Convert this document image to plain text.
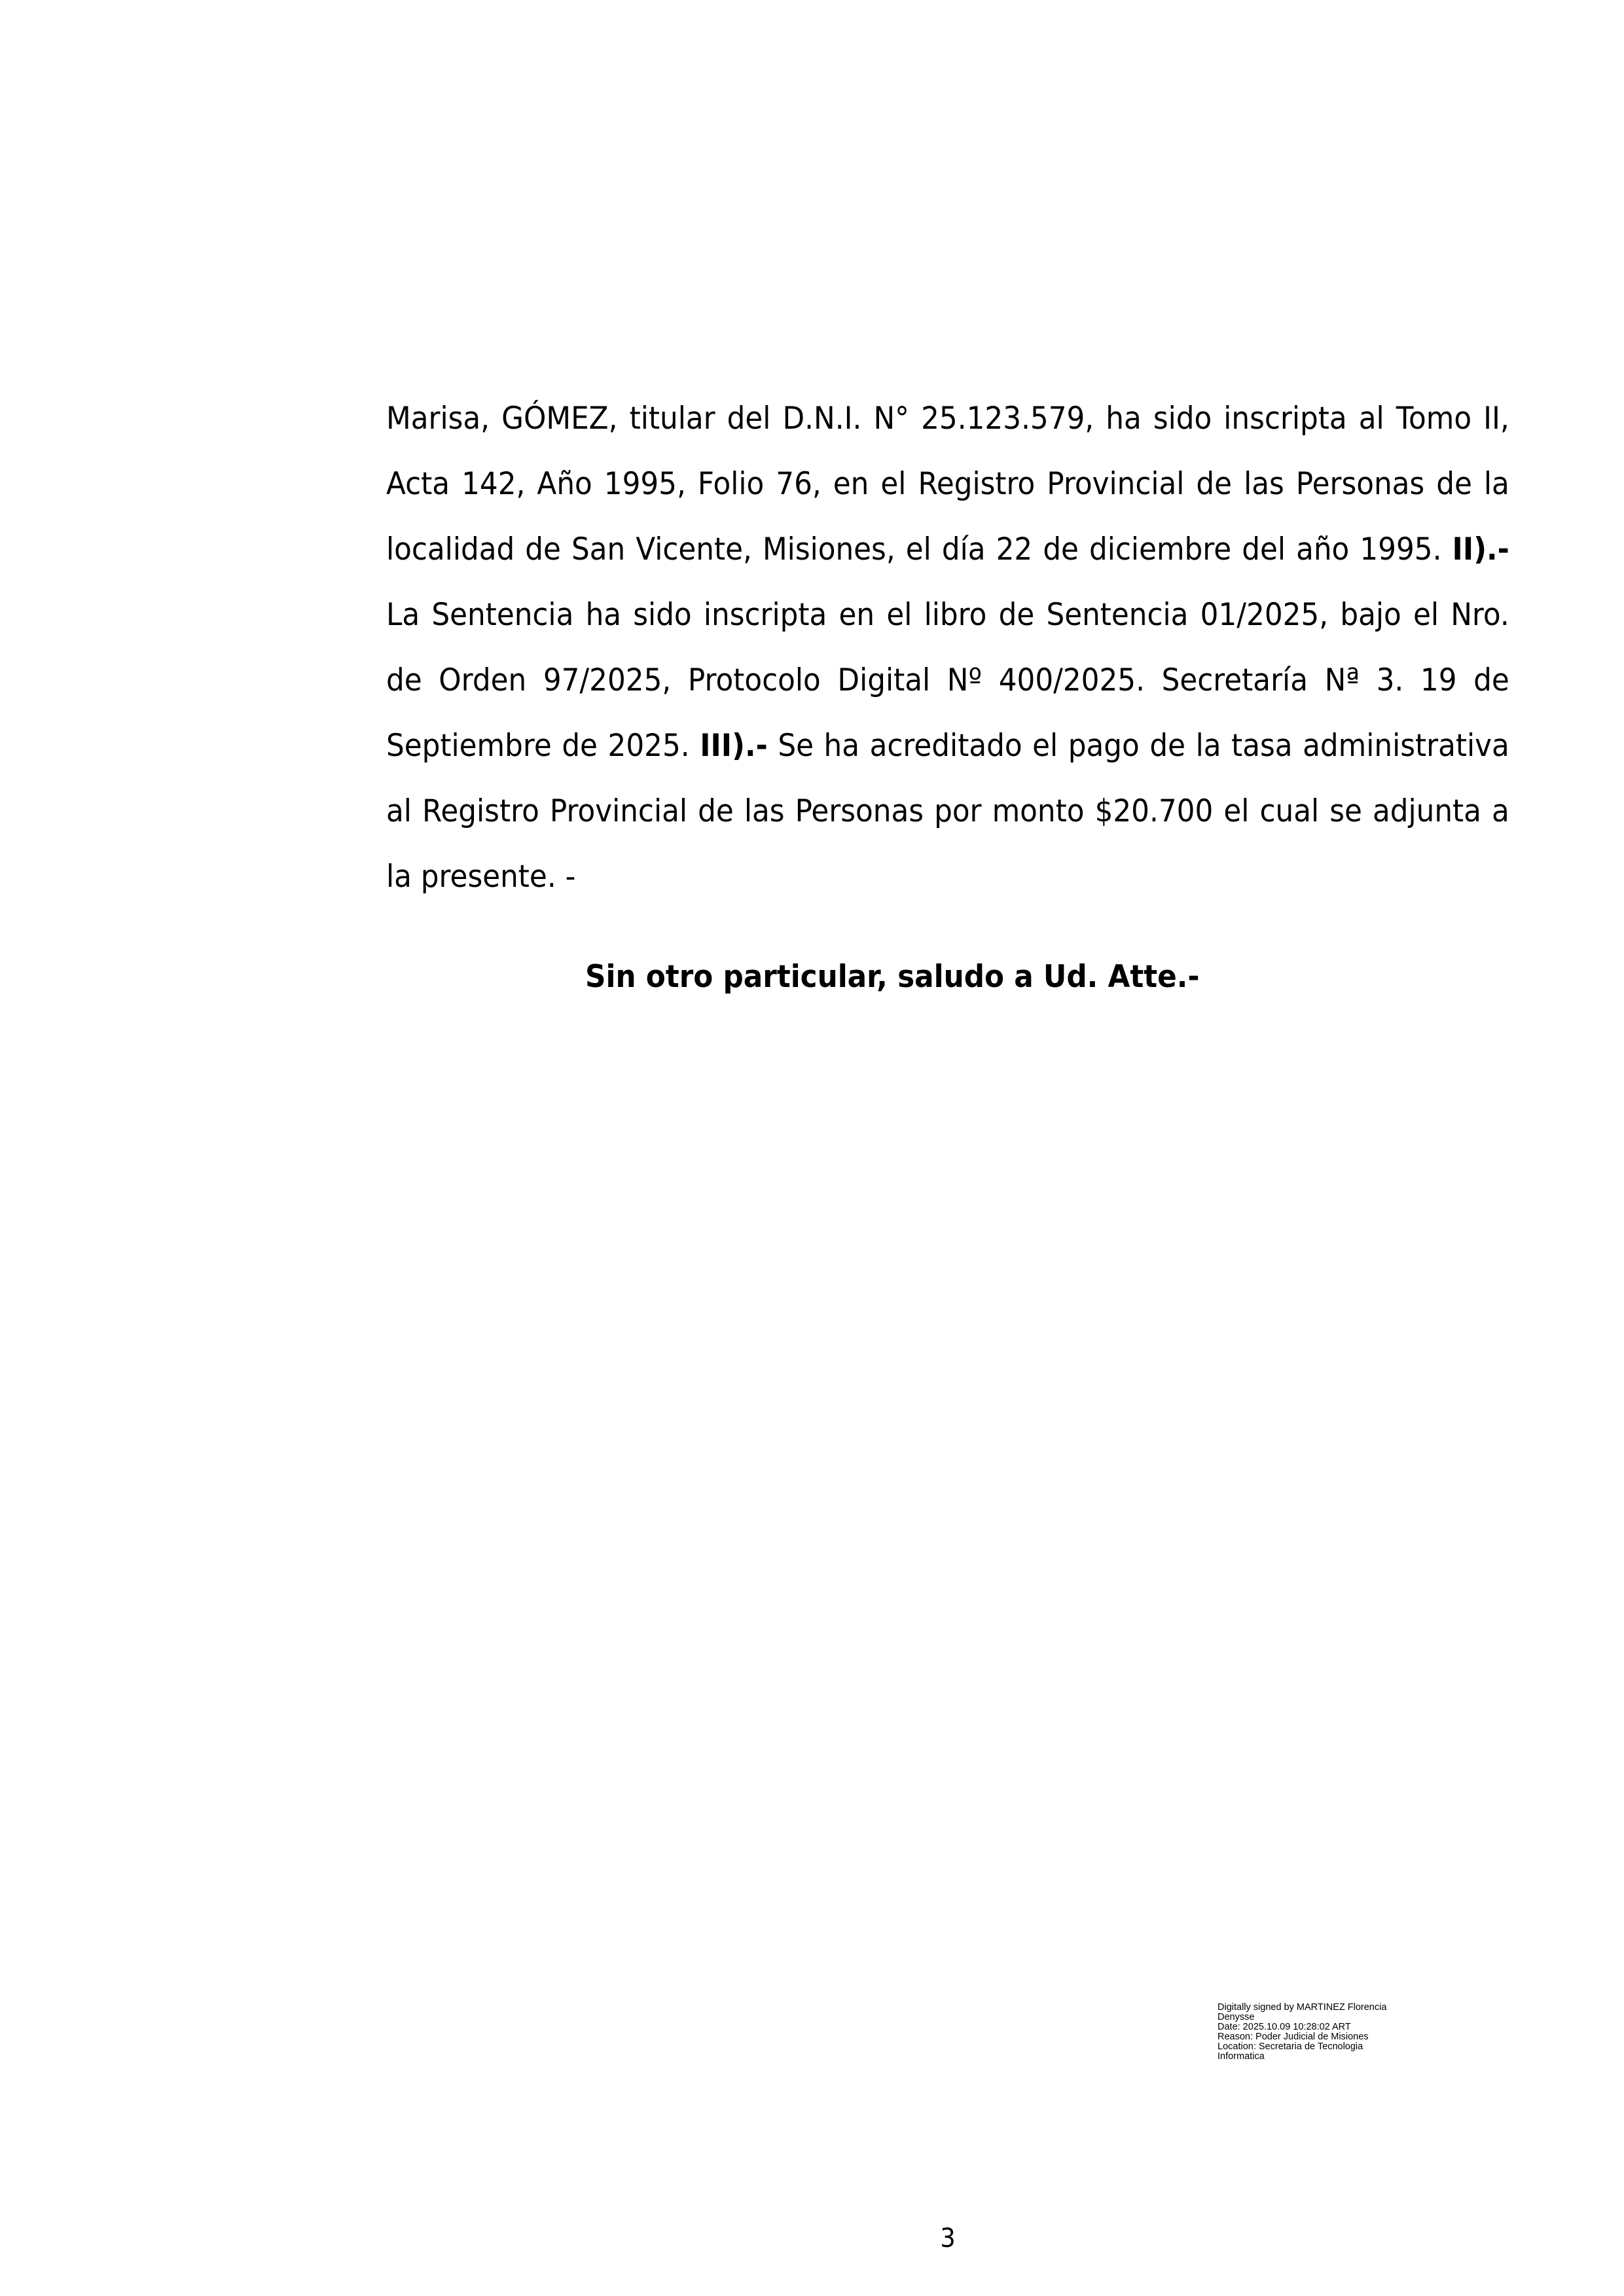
Marisa, GÓMEZ, titular del D.N.I. N° 25.123.579, ha sido inscripta al Tomo II, Acta 142, Año 1995, Folio 76, en el Registro Provincial de las Personas de la localidad de San Vicente, Misiones, el día 22 de diciembre del año 1995. II).- La Sentencia ha sido inscripta en el libro de Sentencia 01/2025, bajo el Nro. de Orden 97/2025, Protocolo Digital Nº 400/2025. Secretaría Nª 3. 19 de Septiembre de 2025. III).- Se ha acreditado el pago de la tasa administrativa al Registro Provincial de las Personas por monto $20.700 el cual se adjunta a la presente. -

Sin otro particular, saludo a Ud. Atte.-

Digitally signed by MARTINEZ Florencia
Denysse
Date: 2025.10.09 10:28:02 ART
Reason: Poder Judicial de Misiones
Location: Secretaria de Tecnologia
Informatica
3
